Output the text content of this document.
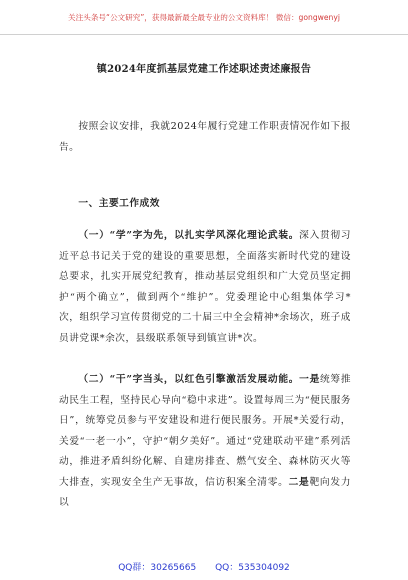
关注头条号“公文研究”，获得最新最全最专业的公文资料库！ 微信：gongwenyj
镇2024年度抓基层党建工作述职述责述廉报告
按照会议安排，我就2024年履行党建工作职责情况作如下报告。
一、主要工作成效
（一）“学”字为先，以扎实学风深化理论武装。深入贯彻习近平总书记关于党的建设的重要思想，全面落实新时代党的建设总要求，扎实开展党纪教育，推动基层党组织和广大党员坚定拥护“两个确立”，做到两个“维护”。党委理论中心组集体学习*次，组织学习宣传贯彻党的二十届三中全会精神*余场次，班子成员讲党课*余次，县级联系领导到镇宣讲*次。
（二）“干”字当头，以红色引擎激活发展动能。一是统筹推动民生工程，坚持民心导向“稳中求进”。设置每周三为“便民服务日”，统筹党员参与平安建设和进行便民服务。开展*关爱行动，关爱“一老一小”，守护“朝夕美好”。通过“党建联动平建”系列活动，推进矛盾纠纷化解、自建房排查、燃气安全、森林防灭火等大排查，实现安全生产无事故，信访积案全清零。二是靶向发力以
QQ群：30265665 QQ：535304092
